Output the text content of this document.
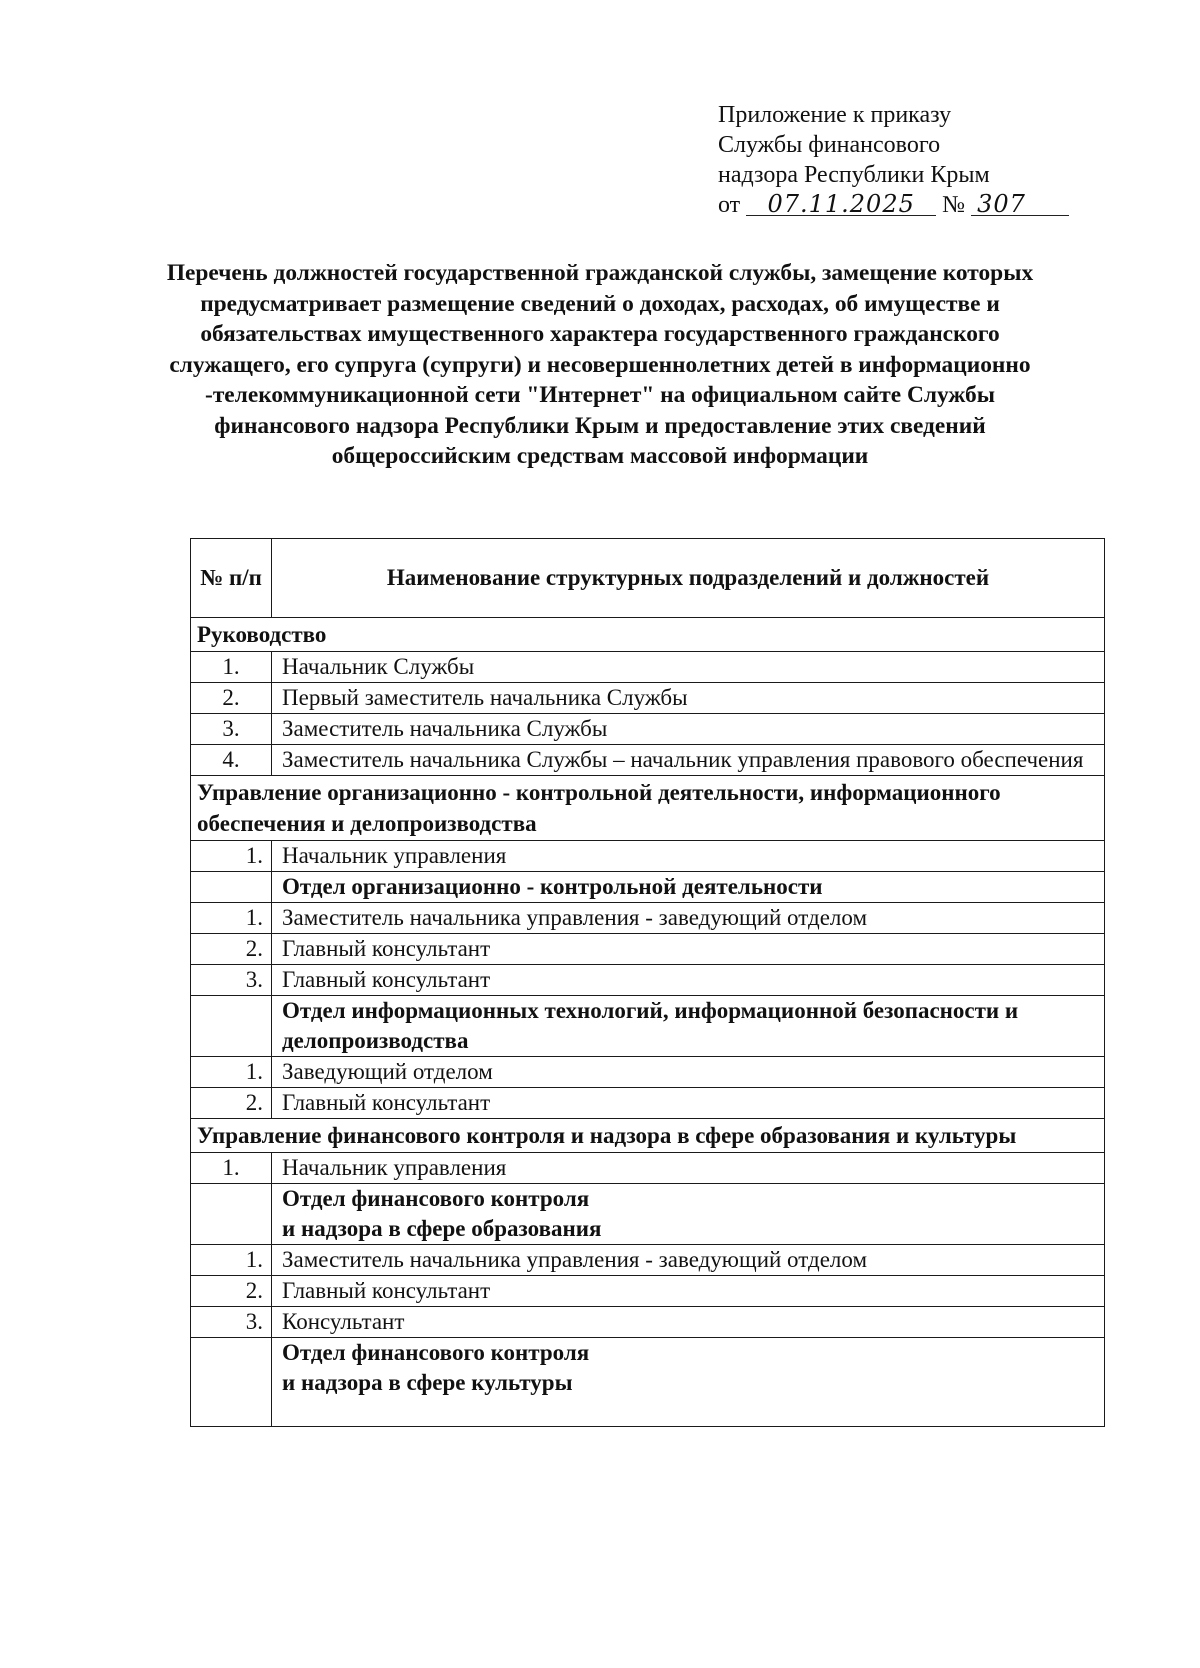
Приложение к приказу
Службы финансового
надзора Республики Крым
от 07.11.2025 № 307
Перечень должностей государственной гражданской службы, замещение которых предусматривает размещение сведений о доходах, расходах, об имуществе и обязательствах имущественного характера государственного гражданского служащего, его супруга (супруги) и несовершеннолетних детей в информационно -телекоммуникационной сети "Интернет" на официальном сайте Службы финансового надзора Республики Крым и предоставление этих сведений общероссийским средствам массовой информации
№ п/п	Наименование структурных подразделений и должностей
Руководство	
1.	Начальник Службы
2.	Первый заместитель начальника Службы
3.	Заместитель начальника Службы
4.	Заместитель начальника Службы – начальник управления правового обеспечения
Управление организационно - контрольной деятельности, информационного обеспечения и делопроизводства	
1.	Начальник управления
	Отдел организационно - контрольной деятельности
1.	Заместитель начальника управления - заведующий отделом
2.	Главный консультант
3.	Главный консультант
	Отдел информационных технологий, информационной безопасности и делопроизводства
1.	Заведующий отделом
2.	Главный консультант
Управление финансового контроля и надзора в сфере образования и культуры	
1.	Начальник управления

	Отдел финансового контроля
и надзора в сфере образования

1.	Заместитель начальника управления - заведующий отделом
2.	Главный консультант
3.	Консультант

	Отдел финансового контроля
и надзора в сфере культуры
